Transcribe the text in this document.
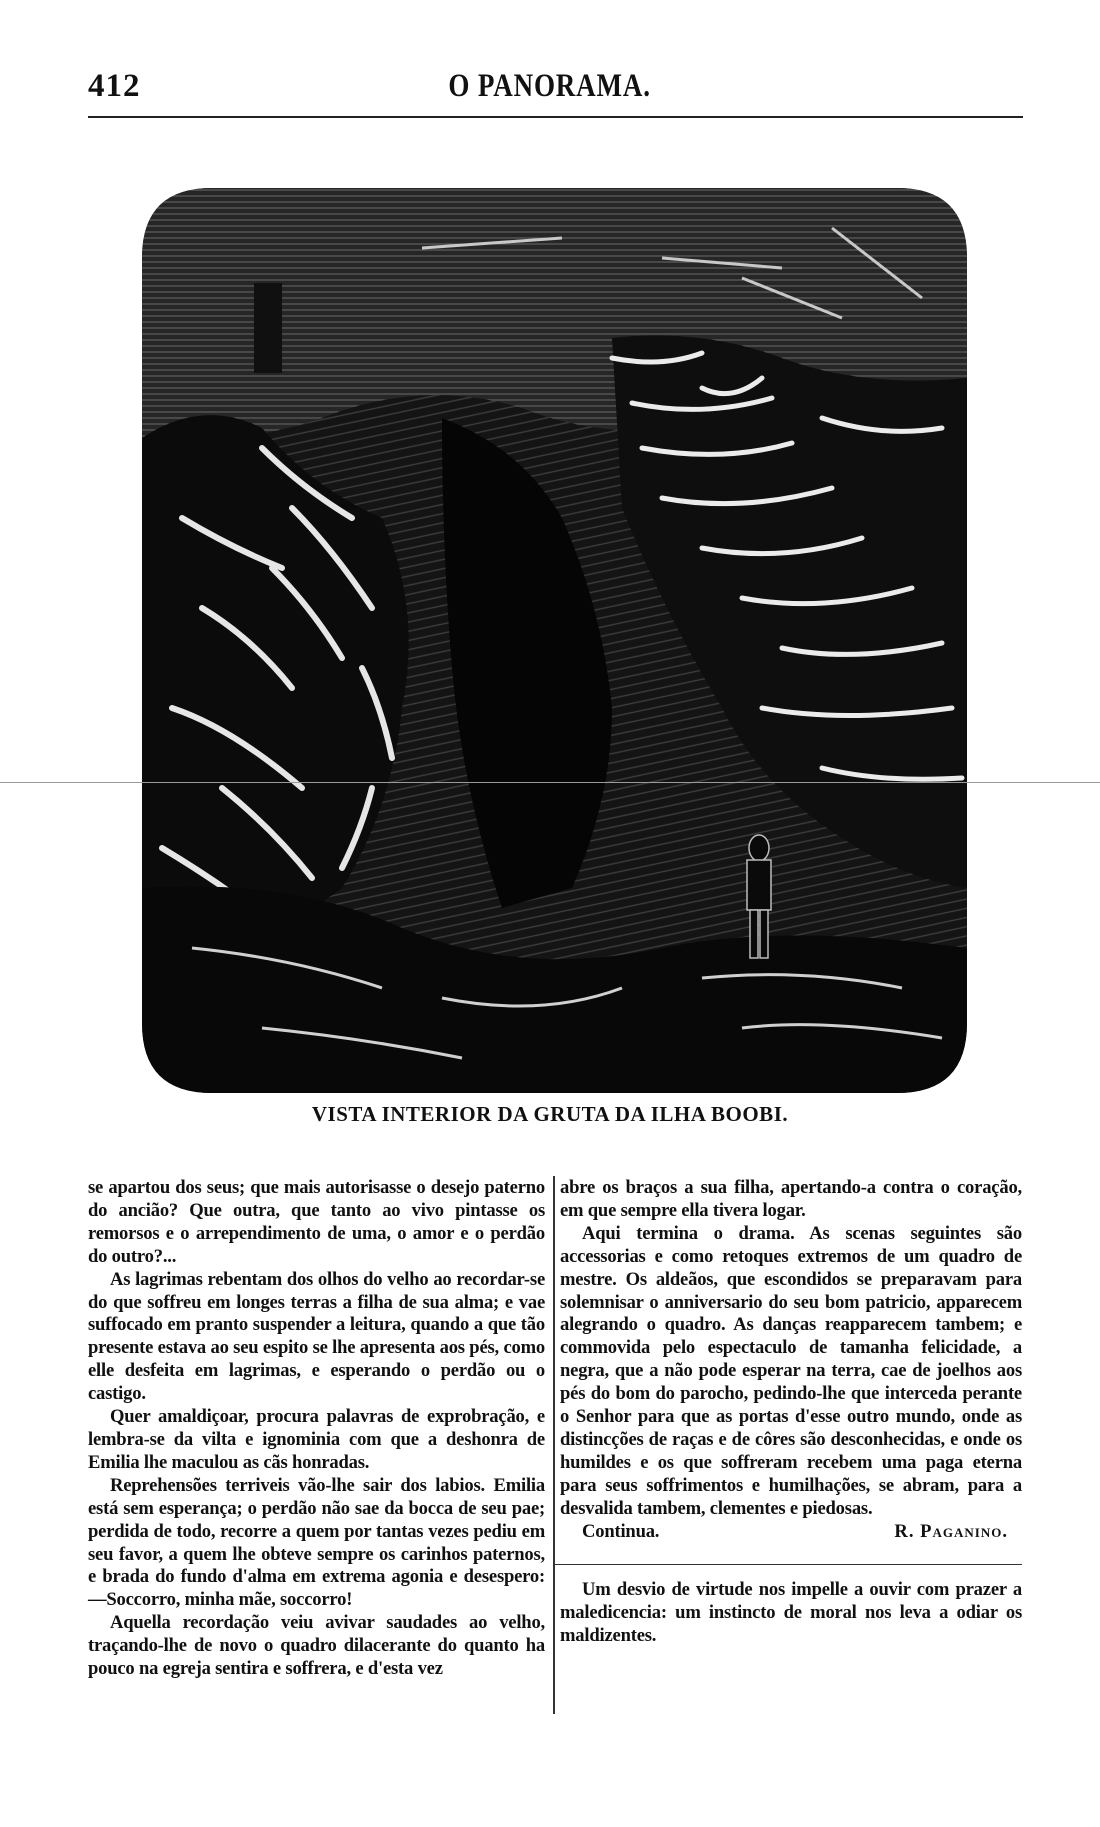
412	O PANORAMA.
VISTA INTERIOR DA GRUTA DA ILHA BOOBI.

se apartou dos seus; que mais autorisasse o desejo paterno do ancião? Que outra, que tanto ao vivo pintasse os remorsos e o arrependimento de uma, o amor e o perdão do outro?...

As lagrimas rebentam dos olhos do velho ao recordar-se do que soffreu em longes terras a filha de sua alma; e vae suffocado em pranto suspender a leitura, quando a que tão presente estava ao seu espito se lhe apresenta aos pés, como elle desfeita em lagrimas, e esperando o perdão ou o castigo.

Quer amaldiçoar, procura palavras de exprobração, e lembra-se da vilta e ignominia com que a deshonra de Emilia lhe maculou as cãs honradas.

Reprehensões terriveis vão-lhe sair dos labios. Emilia está sem esperança; o perdão não sae da bocca de seu pae; perdida de todo, recorre a quem por tantas vezes pediu em seu favor, a quem lhe obteve sempre os carinhos paternos, e brada do fundo d'alma em extrema agonia e desespero: —Soccorro, minha mãe, soccorro!

Aquella recordação veiu avivar saudades ao velho, traçando-lhe de novo o quadro dilacerante do quanto ha pouco na egreja sentira e soffrera, e d'esta vez

abre os braços a sua filha, apertando-a contra o coração, em que sempre ella tivera logar.

Aqui termina o drama. As scenas seguintes são accessorias e como retoques extremos de um quadro de mestre. Os aldeãos, que escondidos se preparavam para solemnisar o anniversario do seu bom patricio, apparecem alegrando o quadro. As danças reapparecem tambem; e commovida pelo espectaculo de tamanha felicidade, a negra, que a não pode esperar na terra, cae de joelhos aos pés do bom do parocho, pedindo-lhe que interceda perante o Senhor para que as portas d'esse outro mundo, onde as distincções de raças e de côres são desconhecidas, e onde os humildes e os que soffreram recebem uma paga eterna para seus soffrimentos e humilhações, se abram, para a desvalida tambem, clementes e piedosas.

Continua.	R. Paganino.

Um desvio de virtude nos impelle a ouvir com prazer a maledicencia: um instincto de moral nos leva a odiar os maldizentes.
